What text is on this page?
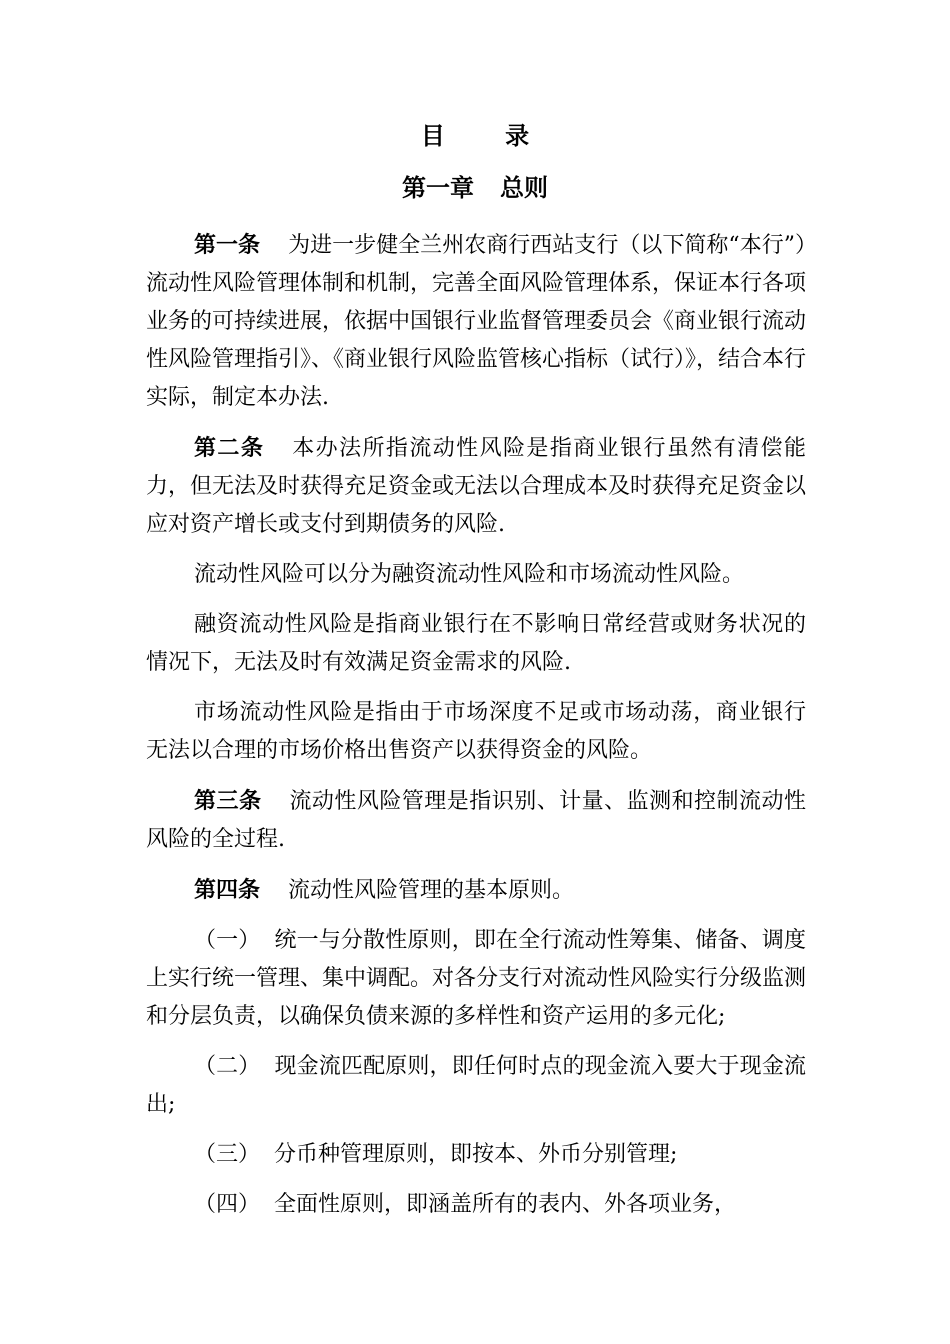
目 录
第一章 总则

第一条 为进一步健全兰州农商行西站支行（以下简称“本行”）流动性风险管理体制和机制，完善全面风险管理体系，保证本行各项业务的可持续进展，依据中国银行业监督管理委员会《商业银行流动性风险管理指引》、《商业银行风险监管核心指标（试行）》，结合本行实际，制定本办法.

第二条 本办法所指流动性风险是指商业银行虽然有清偿能力，但无法及时获得充足资金或无法以合理成本及时获得充足资金以应对资产增长或支付到期债务的风险.

流动性风险可以分为融资流动性风险和市场流动性风险。

融资流动性风险是指商业银行在不影响日常经营或财务状况的情况下，无法及时有效满足资金需求的风险.

市场流动性风险是指由于市场深度不足或市场动荡，商业银行无法以合理的市场价格出售资产以获得资金的风险。

第三条 流动性风险管理是指识别、计量、监测和控制流动性风险的全过程.

第四条 流动性风险管理的基本原则。

（一） 统一与分散性原则，即在全行流动性筹集、储备、调度上实行统一管理、集中调配。对各分支行对流动性风险实行分级监测和分层负责，以确保负债来源的多样性和资产运用的多元化;

（二） 现金流匹配原则，即任何时点的现金流入要大于现金流出;

（三） 分币种管理原则，即按本、外币分别管理;

（四） 全面性原则，即涵盖所有的表内、外各项业务，
